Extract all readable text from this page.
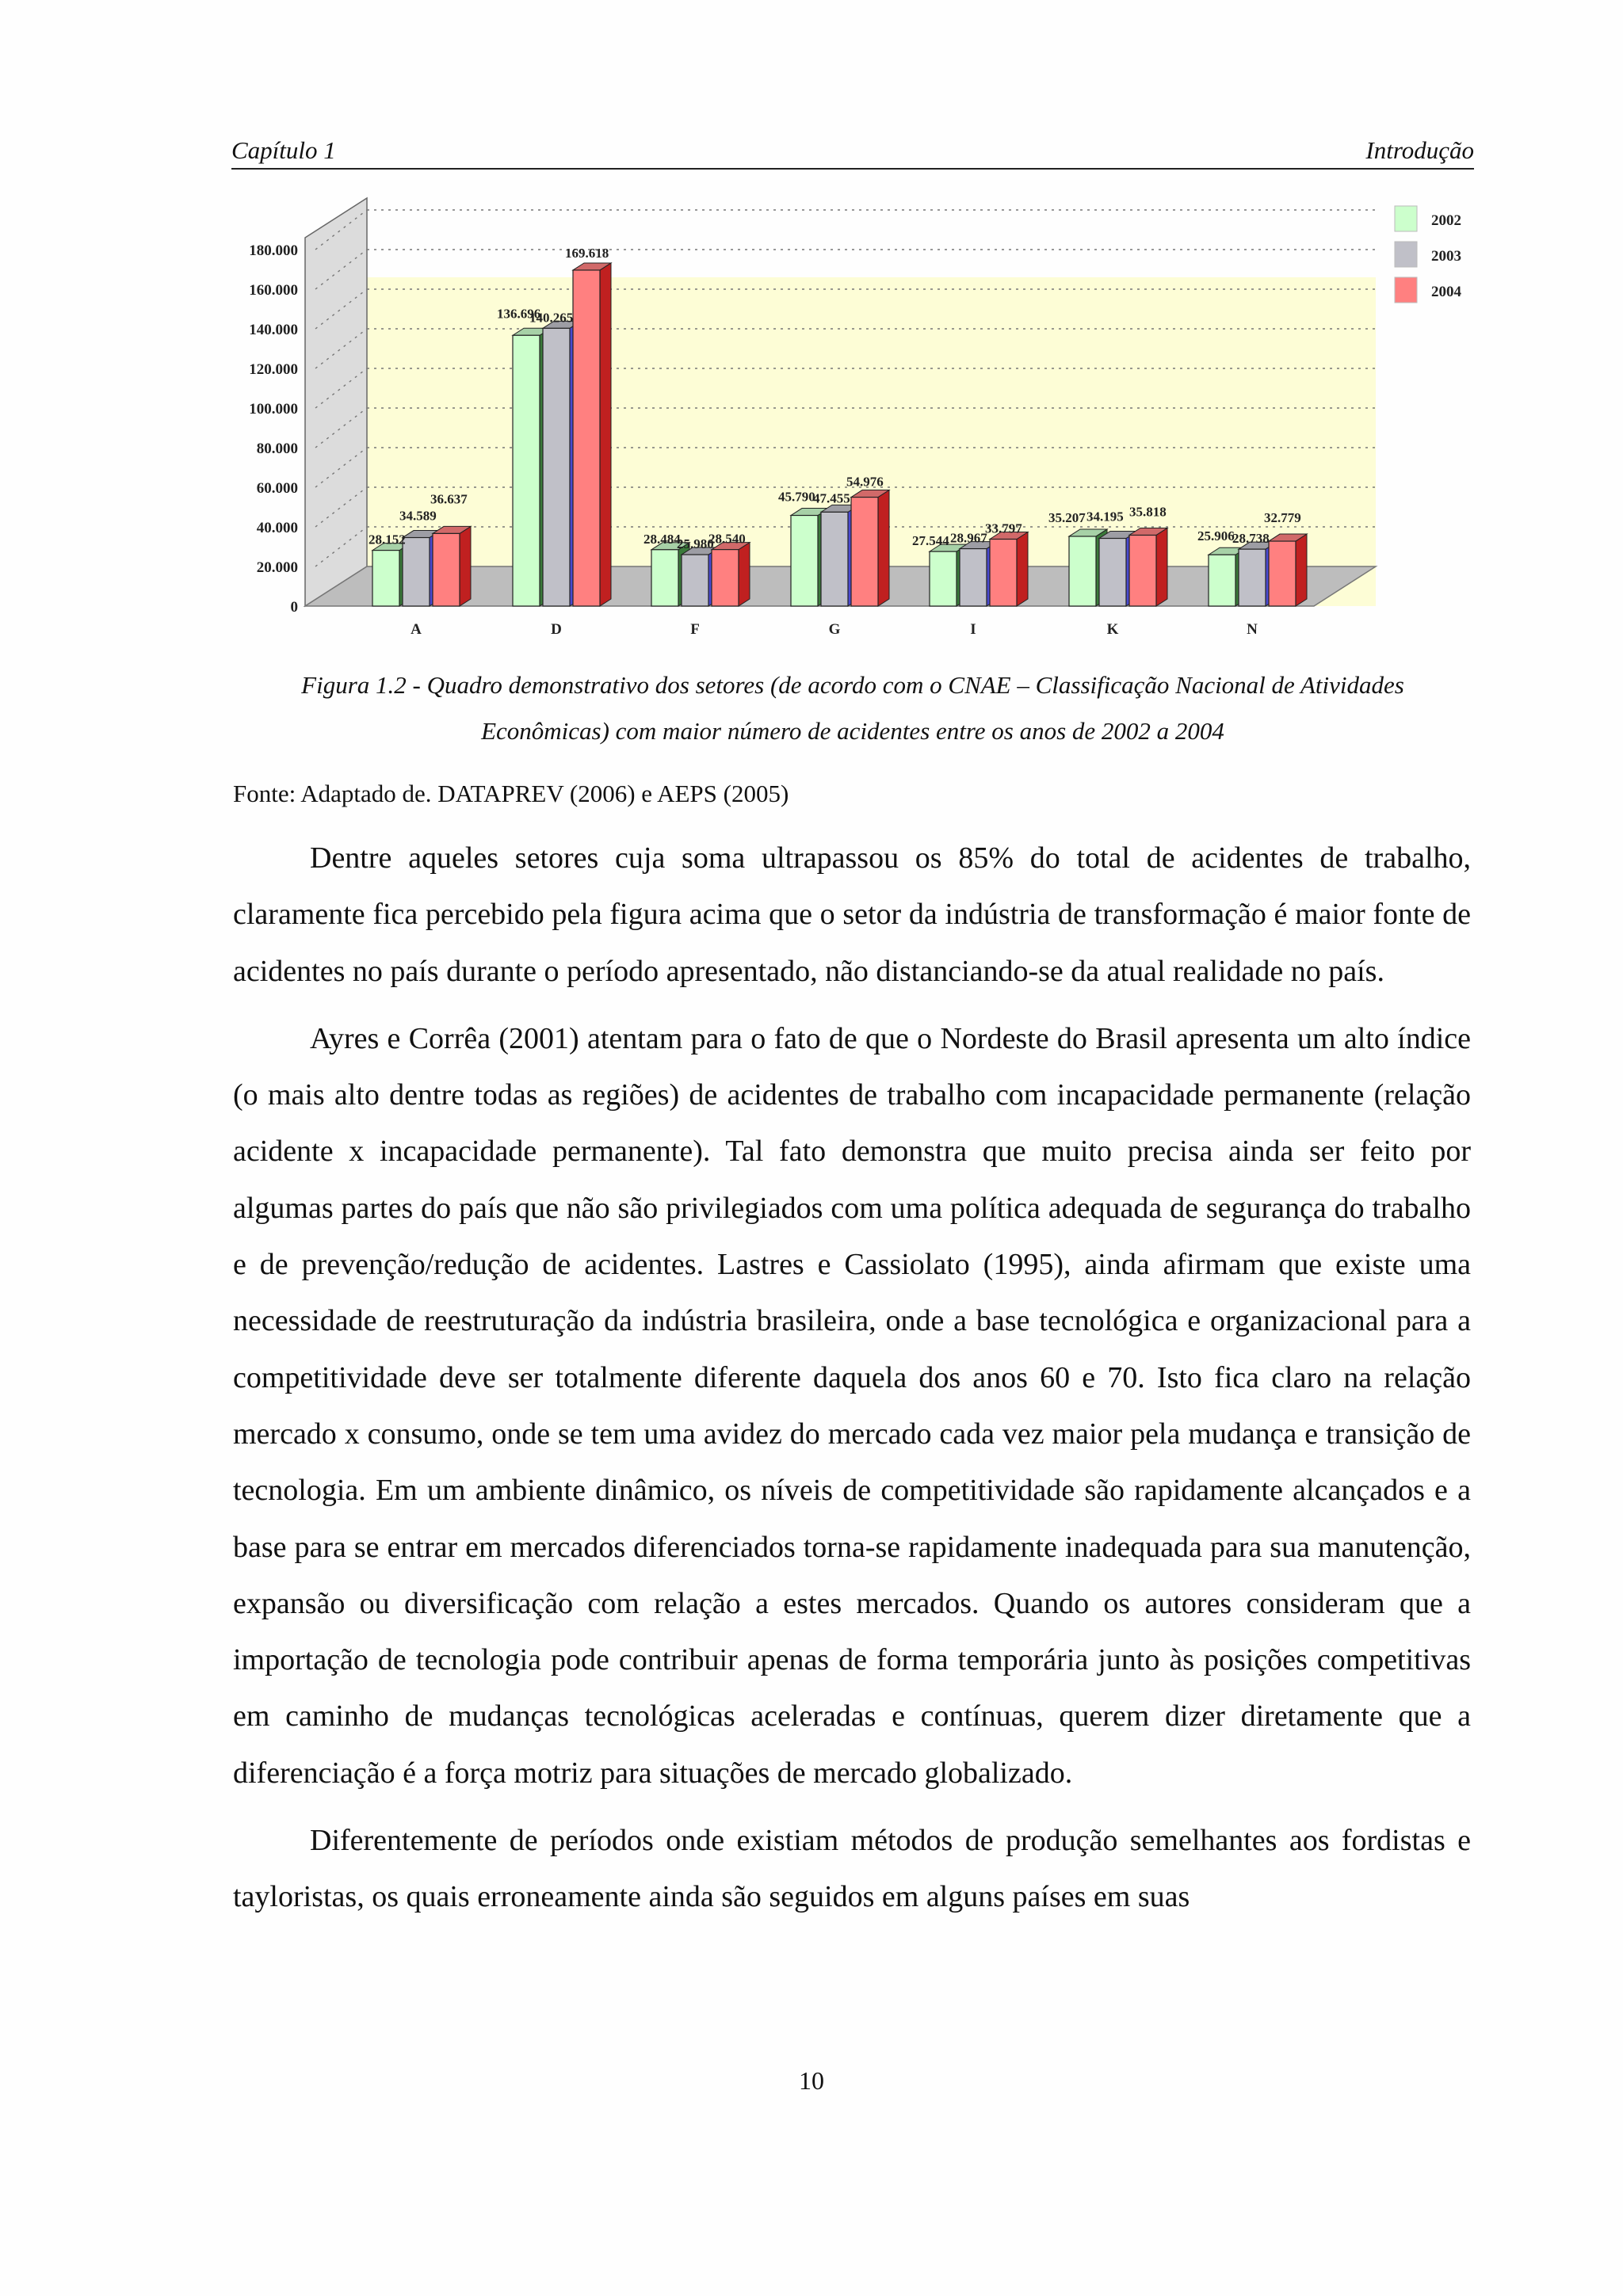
Capítulo 1	Introdução
0
20.000
40.000
60.000
80.000
100.000
120.000
140.000
160.000
180.000
28.152
34.589
36.637
136.696
140.265
169.618
28.484
25.980
28.540
45.790
47.455
54.976
27.544 28.967
33.797
35.207 34.195 35.818
25.906
28.738
32.779
A	D	F	G	I	K	N
2002
2003
2004
Figura 1.2 - Quadro demonstrativo dos setores (de acordo com o CNAE – Classificação Nacional de Atividades
Econômicas) com maior número de acidentes entre os anos de 2002 a 2004
Fonte: Adaptado de. DATAPREV (2006) e AEPS (2005)

Dentre aqueles setores cuja soma ultrapassou os 85% do total de acidentes de trabalho, claramente fica percebido pela figura acima que o setor da indústria de transformação é maior fonte de acidentes no país durante o período apresentado, não distanciando-se da atual realidade no país.

Ayres e Corrêa (2001) atentam para o fato de que o Nordeste do Brasil apresenta um alto índice (o mais alto dentre todas as regiões) de acidentes de trabalho com incapacidade permanente (relação acidente x incapacidade permanente). Tal fato demonstra que muito precisa ainda ser feito por algumas partes do país que não são privilegiados com uma política adequada de segurança do trabalho e de prevenção/redução de acidentes. Lastres e Cassiolato (1995), ainda afirmam que existe uma necessidade de reestruturação da indústria brasileira, onde a base tecnológica e organizacional para a competitividade deve ser totalmente diferente daquela dos anos 60 e 70. Isto fica claro na relação mercado x consumo, onde se tem uma avidez do mercado cada vez maior pela mudança e transição de tecnologia. Em um ambiente dinâmico, os níveis de competitividade são rapidamente alcançados e a base para se entrar em mercados diferenciados torna-se rapidamente inadequada para sua manutenção, expansão ou diversificação com relação a estes mercados. Quando os autores consideram que a importação de tecnologia pode contribuir apenas de forma temporária junto às posições competitivas em caminho de mudanças tecnológicas aceleradas e contínuas, querem dizer diretamente que a diferenciação é a força motriz para situações de mercado globalizado.

Diferentemente de períodos onde existiam métodos de produção semelhantes aos fordistas e tayloristas, os quais erroneamente ainda são seguidos em alguns países em suas

10
